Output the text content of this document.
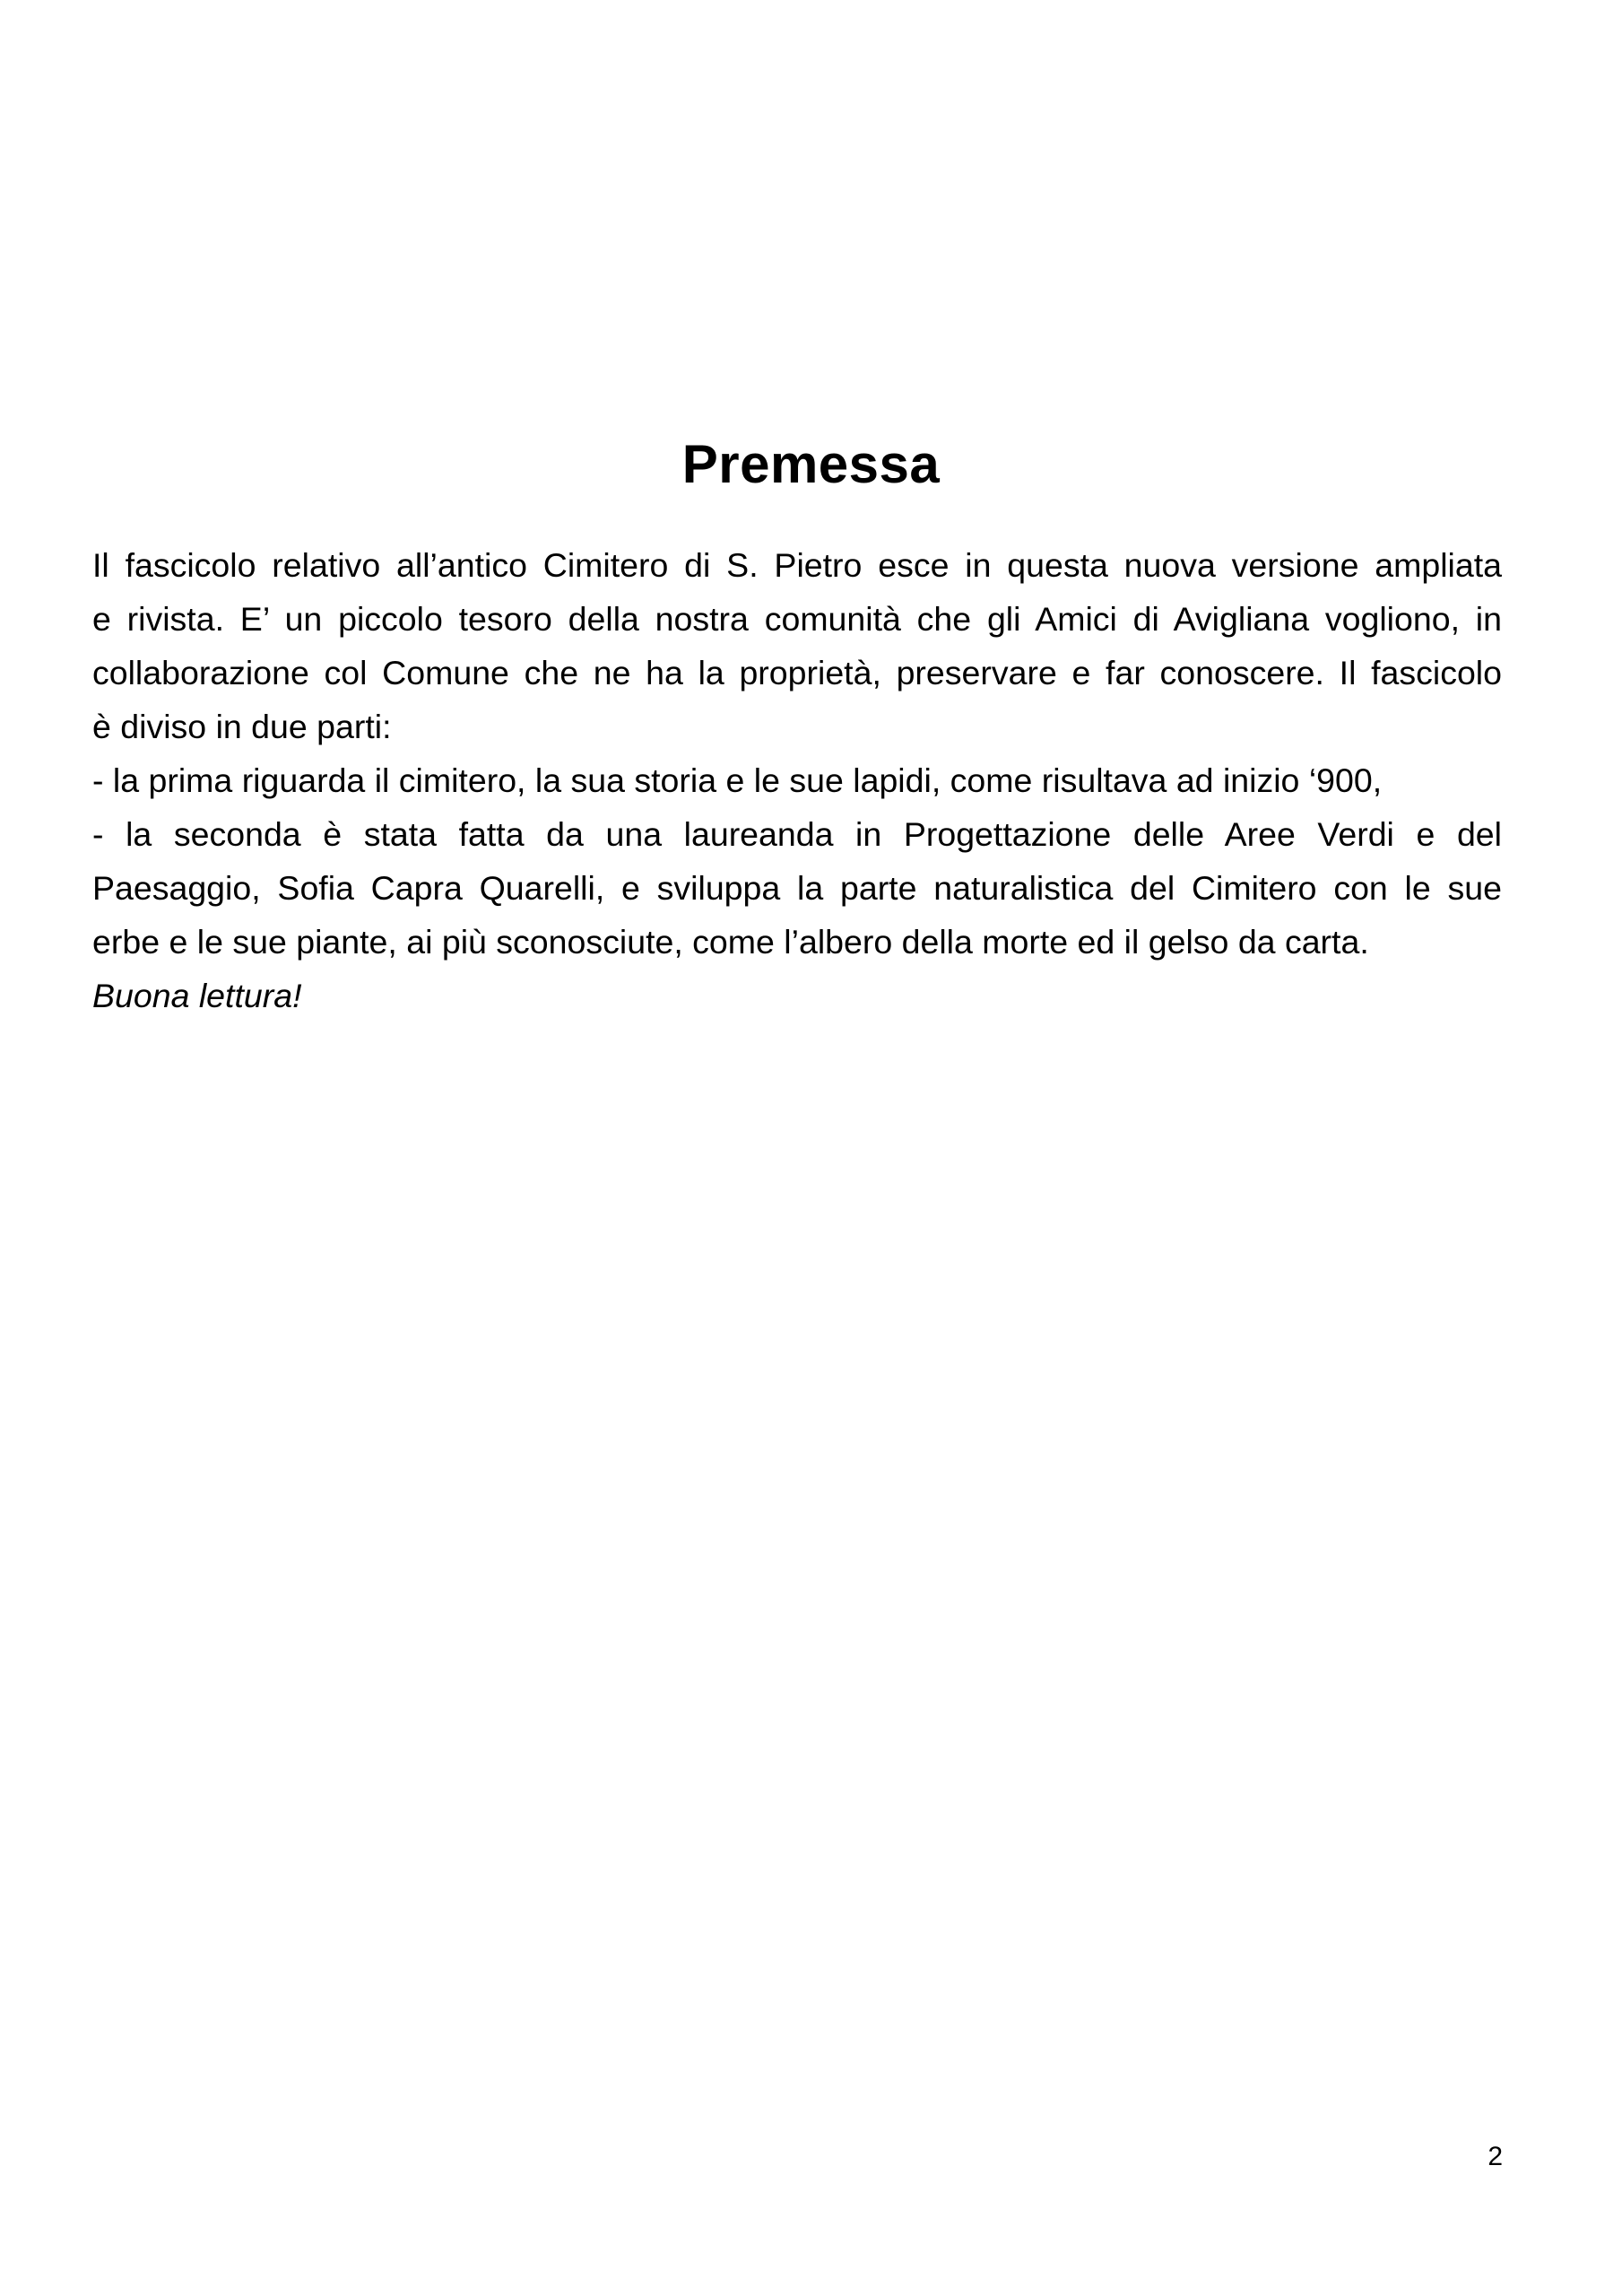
Premessa
Il fascicolo relativo all’antico Cimitero di S. Pietro esce in questa nuova versione ampliata
e rivista. E’ un piccolo tesoro della nostra comunità che gli Amici di Avigliana vogliono, in
collaborazione col Comune che ne ha la proprietà, preservare e far conoscere. Il fascicolo
è diviso in due parti:
- la prima riguarda il cimitero, la sua storia e le sue lapidi, come risultava ad inizio ‘900,
- la seconda è stata fatta da una laureanda in Progettazione delle Aree Verdi e del
Paesaggio, Sofia Capra Quarelli, e sviluppa la parte naturalistica del Cimitero con le sue
erbe e le sue piante, ai più sconosciute, come l’albero della morte ed il gelso da carta.
Buona lettura!
2
